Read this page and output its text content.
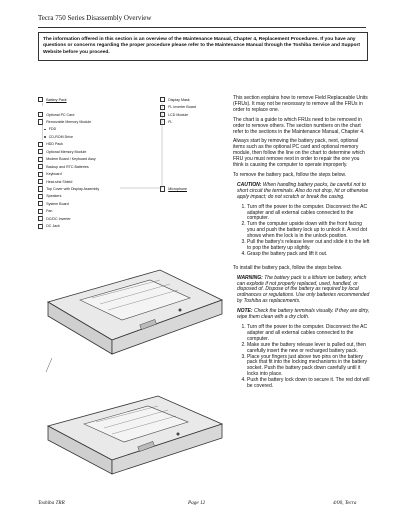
Tecra 750 Series Disassembly Overview
The information offered in this section is an overview of the Maintenance Manual, Chapter 4, Replacement Procedures. If you have any questions or concerns regarding the proper procedure please refer to the Maintenance Manual through the Toshiba Service and Support Website before you proceed.
Battery Pack
Optional PC Card
Removable Memory Module
FDD
CD-ROM Drive
HDD Pack
Optional Memory Module
Modem Board / Keyboard Assy
Backup and RTC Batteries
Keyboard
Heat-sink Shield
Top Cover with Display Assembly
Speakers
System Board
Fan
DC/DC Inverter
DC Jack
Display Mask
FL Inverter Board
LCD Module
FL
Microphone

This section explains how to remove Field Replaceable Units (FRUs). It may not be necessary to remove all the FRUs in order to replace one.

The chart is a guide to which FRUs need to be removed in order to remove others. The section numbers on the chart refer to the sections in the Maintenance Manual, Chapter 4.

Always start by removing the battery pack, next, optional items such as the optional PC card and optional memory module, then follow the line on the chart to determine which FRU you must remove next in order to repair the one you think is causing the computer to operate improperly.

To remove the battery pack, follow the steps below.

CAUTION: When handling battery packs, be careful not to short circuit the terminals. Also do not drop, hit or otherwise apply impact; do not scratch or break the casing.

1. Turn off the power to the computer. Disconnect the AC adapter and all external cables connected to the computer.
2. Turn the computer upside down with the front facing you and push the battery lock up to unlock it. A red dot shows when the lock is in the unlock position.
3. Pull the battery's release lever out and slide it to the left to pop the battery up slightly.
4. Grasp the battery pack and lift it out.

To install the battery pack, follow the steps below.

WARNING: The battery pack is a lithium ion battery, which can explode if not properly replaced, used, handled, or disposed of. Dispose of the battery as required by local ordinances or regulations. Use only batteries recommended by Toshiba as replacements.

NOTE: Check the battery terminals visually. If they are dirty, wipe them clean with a dry cloth.

1. Turn off the power to the computer. Disconnect the AC adapter and all external cables connected to the computer.
2. Make sure the battery release lever is pulled out, then carefully insert the new or recharged battery pack.
3. Place your fingers just above two pins on the battery pack that fit into the locking mechanisms in the battery socket. Push the battery pack down carefully until it locks into place.
4. Push the battery lock down to secure it. The red dot will be covered.
Toshiba TRR	Page 12	4/00, Tecra
